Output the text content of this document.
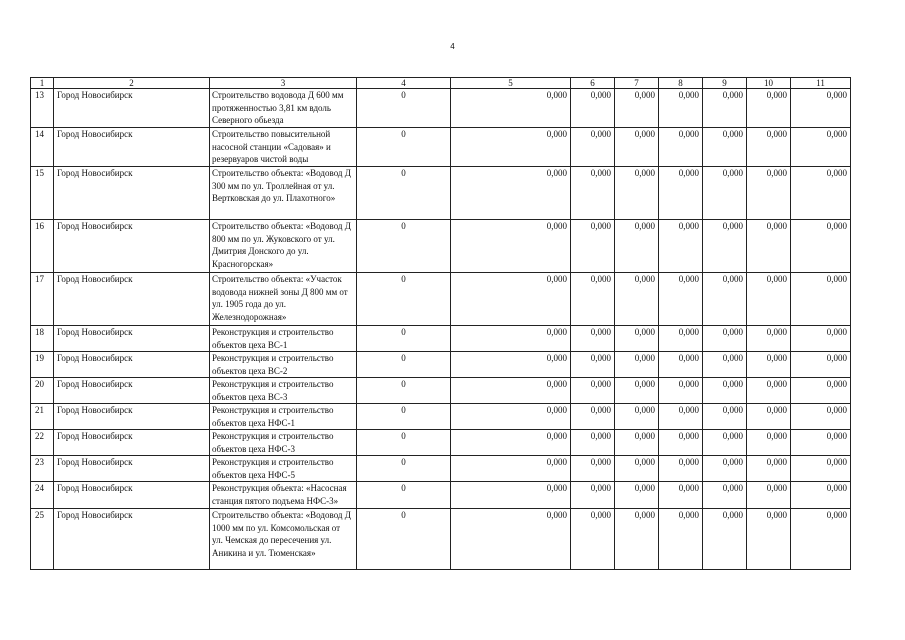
4
1	2	3	4	5	6	7	8	9	10	11
13	Город Новосибирск	Строительство водовода Д 600 мм протяженностью 3,81 км вдоль Северного обьезда	0	0,000	0,000	0,000	0,000	0,000	0,000	0,000
14	Город Новосибирск	Строительство повысительной насосной станции «Садовая» и резервуаров чистой воды	0	0,000	0,000	0,000	0,000	0,000	0,000	0,000
15	Город Новосибирск	Строительство объекта: «Водовод Д 300 мм по ул. Троллейная от ул. Вертковская до ул. Плахотного»	0	0,000	0,000	0,000	0,000	0,000	0,000	0,000
16	Город Новосибирск	Строительство объекта: «Водовод Д 800 мм по ул. Жуковского от ул. Дмитрия Донского до ул. Красногорская»	0	0,000	0,000	0,000	0,000	0,000	0,000	0,000
17	Город Новосибирск	Строительство объекта: «Участок водовода нижней зоны Д 800 мм от ул. 1905 года до ул. Железнодорожная»	0	0,000	0,000	0,000	0,000	0,000	0,000	0,000
18	Город Новосибирск	Реконструкция и строительство объектов цеха ВС-1	0	0,000	0,000	0,000	0,000	0,000	0,000	0,000
19	Город Новосибирск	Реконструкция и строительство объектов цеха ВС-2	0	0,000	0,000	0,000	0,000	0,000	0,000	0,000
20	Город Новосибирск	Реконструкция и строительство объектов цеха ВС-3	0	0,000	0,000	0,000	0,000	0,000	0,000	0,000
21	Город Новосибирск	Реконструкция и строительство объектов цеха НФС-1	0	0,000	0,000	0,000	0,000	0,000	0,000	0,000
22	Город Новосибирск	Реконструкция и строительство объектов цеха НФС-3	0	0,000	0,000	0,000	0,000	0,000	0,000	0,000
23	Город Новосибирск	Реконструкция и строительство объектов цеха НФС-5	0	0,000	0,000	0,000	0,000	0,000	0,000	0,000
24	Город Новосибирск	Реконструкция объекта: «Насосная станция пятого подъема НФС-3»	0	0,000	0,000	0,000	0,000	0,000	0,000	0,000
25	Город Новосибирск	Строительство объекта: «Водовод Д 1000 мм по ул. Комсомольская от ул. Чемская до пересечения ул. Аникина и ул. Тюменская»	0	0,000	0,000	0,000	0,000	0,000	0,000	0,000
